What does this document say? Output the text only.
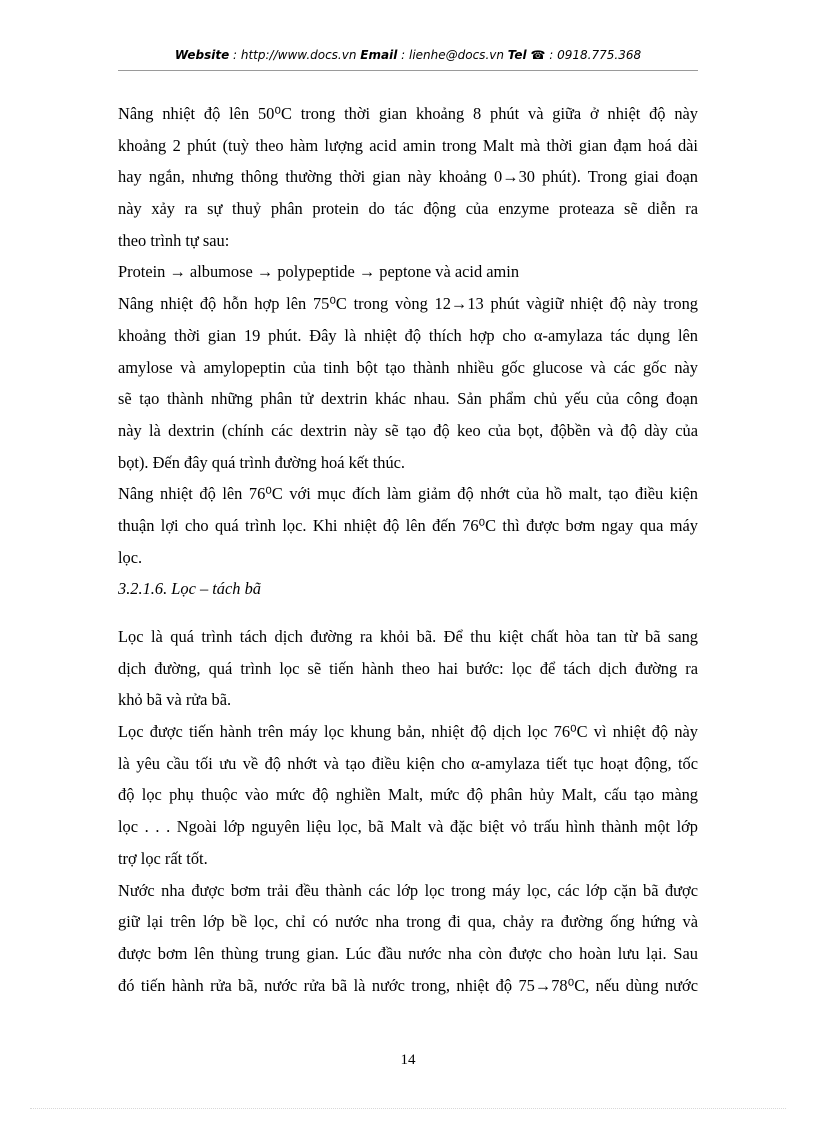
Website : http://www.docs.vn Email : lienhe@docs.vn Tel ☎ : 0918.775.368
Nâng nhiệt độ lên 50⁰C trong thời gian khoảng 8 phút và giữa ở nhiệt độ này
khoảng 2 phút (tuỳ theo hàm lượng acid amin trong Malt mà thời gian đạm hoá dài
hay ngắn, nhưng thông thường thời gian này khoảng 0→30 phút). Trong giai đoạn
này xảy ra sự thuỷ phân protein do tác động của enzyme proteaza sẽ diễn ra
theo trình tự sau:
Protein → albumose → polypeptide → peptone và acid amin
Nâng nhiệt độ hỗn hợp lên 75⁰C trong vòng 12→13 phút vàgiữ nhiệt độ này trong
khoảng thời gian 19 phút. Đây là nhiệt độ thích hợp cho α-amylaza tác dụng lên
amylose và amylopeptin của tinh bột tạo thành nhiều gốc glucose và các gốc này
sẽ tạo thành những phân tử dextrin khác nhau. Sản phẩm chủ yếu của công đoạn
này là dextrin (chính các dextrin này sẽ tạo độ keo của bọt, độbền và độ dày của
bọt). Đến đây quá trình đường hoá kết thúc.
Nâng nhiệt độ lên 76⁰C với mục đích làm giảm độ nhớt của hồ malt, tạo điều kiện
thuận lợi cho quá trình lọc. Khi nhiệt độ lên đến 76⁰C thì được bơm ngay qua máy
lọc.
3.2.1.6. Lọc – tách bã
Lọc là quá trình tách dịch đường ra khỏi bã. Để thu kiệt chất hòa tan từ bã sang
dịch đường, quá trình lọc sẽ tiến hành theo hai bước: lọc để tách dịch đường ra
khỏ bã và rửa bã.
Lọc được tiến hành trên máy lọc khung bản, nhiệt độ dịch lọc 76⁰C vì nhiệt độ này
là yêu cầu tối ưu về độ nhớt và tạo điều kiện cho α-amylaza tiết tục hoạt động, tốc
độ lọc phụ thuộc vào mức độ nghiền Malt, mức độ phân hủy Malt, cấu tạo màng
lọc . . . Ngoài lớp nguyên liệu lọc, bã Malt và đặc biệt vỏ trấu hình thành một lớp
trợ lọc rất tốt.
Nước nha được bơm trải đều thành các lớp lọc trong máy lọc, các lớp cặn bã được
giữ lại trên lớp bề lọc, chỉ có nước nha trong đi qua, chảy ra đường ống hứng và
được bơm lên thùng trung gian. Lúc đầu nước nha còn được cho hoàn lưu lại. Sau
đó tiến hành rửa bã, nước rửa bã là nước trong, nhiệt độ 75→78⁰C, nếu dùng nước
14
